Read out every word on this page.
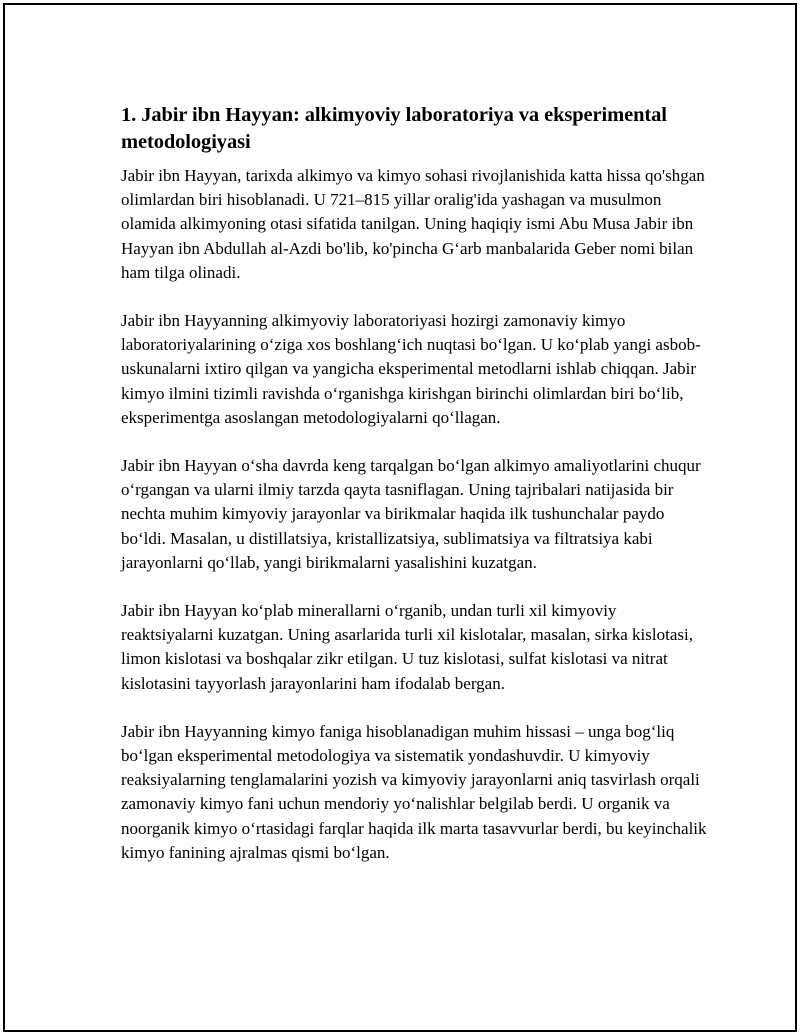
1. Jabir ibn Hayyan: alkimyoviy laboratoriya va eksperimental metodologiyasi

Jabir ibn Hayyan, tarixda alkimyo va kimyo sohasi rivojlanishida katta hissa qo'shgan olimlardan biri hisoblanadi. U 721–815 yillar oralig'ida yashagan va musulmon olamida alkimyoning otasi sifatida tanilgan. Uning haqiqiy ismi Abu Musa Jabir ibn Hayyan ibn Abdullah al-Azdi bo'lib, ko'pincha G‘arb manbalarida Geber nomi bilan ham tilga olinadi.

Jabir ibn Hayyanning alkimyoviy laboratoriyasi hozirgi zamonaviy kimyo laboratoriyalarining o‘ziga xos boshlang‘ich nuqtasi bo‘lgan. U ko‘plab yangi asbob-uskunalarni ixtiro qilgan va yangicha eksperimental metodlarni ishlab chiqqan. Jabir kimyo ilmini tizimli ravishda o‘rganishga kirishgan birinchi olimlardan biri bo‘lib, eksperimentga asoslangan metodologiyalarni qo‘llagan.

Jabir ibn Hayyan o‘sha davrda keng tarqalgan bo‘lgan alkimyo amaliyotlarini chuqur o‘rgangan va ularni ilmiy tarzda qayta tasniflagan. Uning tajribalari natijasida bir nechta muhim kimyoviy jarayonlar va birikmalar haqida ilk tushunchalar paydo bo‘ldi. Masalan, u distillatsiya, kristallizatsiya, sublimatsiya va filtratsiya kabi jarayonlarni qo‘llab, yangi birikmalarni yasalishini kuzatgan.

Jabir ibn Hayyan ko‘plab minerallarni o‘rganib, undan turli xil kimyoviy reaktsiyalarni kuzatgan. Uning asarlarida turli xil kislotalar, masalan, sirka kislotasi, limon kislotasi va boshqalar zikr etilgan. U tuz kislotasi, sulfat kislotasi va nitrat kislotasini tayyorlash jarayonlarini ham ifodalab bergan.

Jabir ibn Hayyanning kimyo faniga hisoblanadigan muhim hissasi – unga bog‘liq bo‘lgan eksperimental metodologiya va sistematik yondashuvdir. U kimyoviy reaksiyalarning tenglamalarini yozish va kimyoviy jarayonlarni aniq tasvirlash orqali zamonaviy kimyo fani uchun mendoriy yo‘nalishlar belgilab berdi. U organik va noorganik kimyo o‘rtasidagi farqlar haqida ilk marta tasavvurlar berdi, bu keyinchalik kimyo fanining ajralmas qismi bo‘lgan.
